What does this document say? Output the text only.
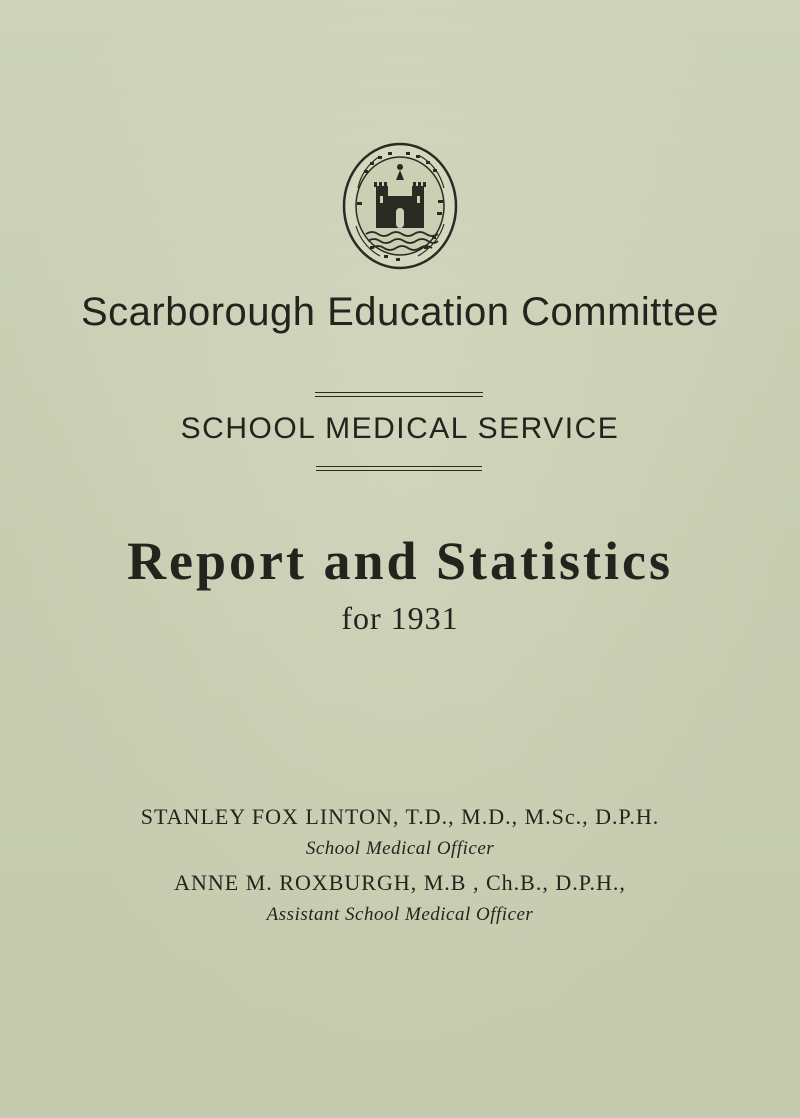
Scarborough Education Committee
SCHOOL MEDICAL SERVICE
Report and Statistics
for 1931
STANLEY FOX LINTON, T.D., M.D., M.Sc., D.P.H.
School Medical Officer
ANNE M. ROXBURGH, M.B , Ch.B., D.P.H.,
Assistant School Medical Officer
